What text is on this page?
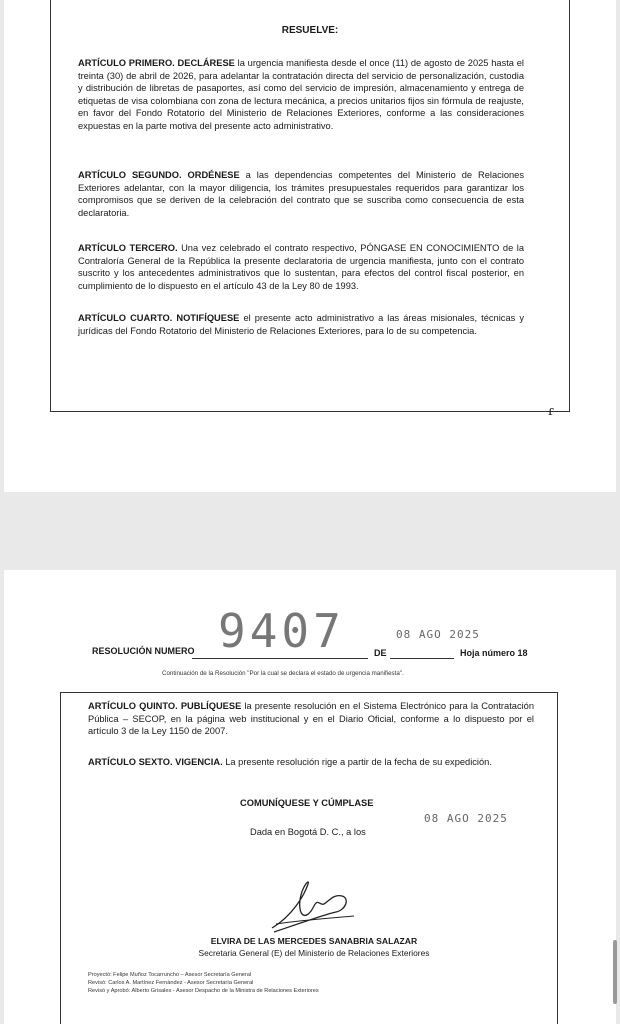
RESUELVE:
ARTÍCULO PRIMERO. DECLÁRESE la urgencia manifiesta desde el once (11) de agosto de 2025 hasta el treinta (30) de abril de 2026, para adelantar la contratación directa del servicio de personalización, custodia y distribución de libretas de pasaportes, así como del servicio de impresión, almacenamiento y entrega de etiquetas de visa colombiana con zona de lectura mecánica, a precios unitarios fijos sin fórmula de reajuste, en favor del Fondo Rotatorio del Ministerio de Relaciones Exteriores, conforme a las consideraciones expuestas en la parte motiva del presente acto administrativo.
ARTÍCULO SEGUNDO. ORDÉNESE a las dependencias competentes del Ministerio de Relaciones Exteriores adelantar, con la mayor diligencia, los trámites presupuestales requeridos para garantizar los compromisos que se deriven de la celebración del contrato que se suscriba como consecuencia de esta declaratoria.
ARTÍCULO TERCERO. Una vez celebrado el contrato respectivo, PÓNGASE EN CONOCIMIENTO de la Contraloría General de la República la presente declaratoria de urgencia manifiesta, junto con el contrato suscrito y los antecedentes administrativos que lo sustentan, para efectos del control fiscal posterior, en cumplimiento de lo dispuesto en el artículo 43 de la Ley 80 de 1993.
ARTÍCULO CUARTO. NOTIFÍQUESE el presente acto administrativo a las áreas misionales, técnicas y jurídicas del Fondo Rotatorio del Ministerio de Relaciones Exteriores, para lo de su competencia.
ɾ
RESOLUCIÓN NUMERO 9407	DE
08 AGO 2025
Hoja número 18
Continuación de la Resolución "Por la cual se declara el estado de urgencia manifiesta".
ARTÍCULO QUINTO. PUBLÍQUESE la presente resolución en el Sistema Electrónico para la Contratación Pública – SECOP, en la página web institucional y en el Diario Oficial, conforme a lo dispuesto por el artículo 3 de la Ley 1150 de 2007.
ARTÍCULO SEXTO. VIGENCIA. La presente resolución rige a partir de la fecha de su expedición.
COMUNÍQUESE Y CÚMPLASE
Dada en Bogotá D. C., a los
08 AGO 2025
ELVIRA DE LAS MERCEDES SANABRIA SALAZAR
Secretaria General (E) del Ministerio de Relaciones Exteriores
Proyectó: Felipe Muñoz Tocarruncho – Asesor Secretaría General
Revisó: Carlos A. Martínez Fernández - Asesor Secretaría General
Revisó y Aprobó: Alberto Grisales - Asesor Despacho de la Ministra de Relaciones Exteriores
